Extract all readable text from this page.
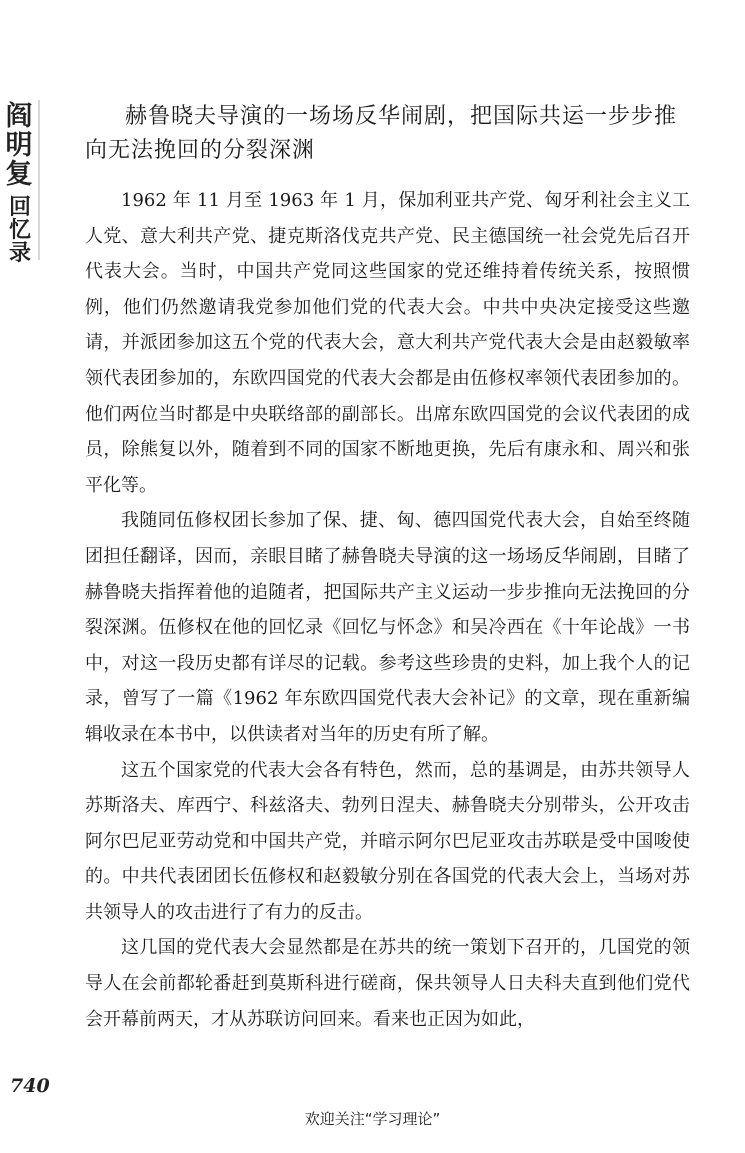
阎
明
复
回
忆
录
赫鲁晓夫导演的一场场反华闹剧，把国际共运一步步推
向无法挽回的分裂深渊

1962 年 11 月至 1963 年 1 月，保加利亚共产党、匈牙利社会主义工人党、意大利共产党、捷克斯洛伐克共产党、民主德国统一社会党先后召开代表大会。当时，中国共产党同这些国家的党还维持着传统关系，按照惯例，他们仍然邀请我党参加他们党的代表大会。中共中央决定接受这些邀请，并派团参加这五个党的代表大会，意大利共产党代表大会是由赵毅敏率领代表团参加的，东欧四国党的代表大会都是由伍修权率领代表团参加的。他们两位当时都是中央联络部的副部长。出席东欧四国党的会议代表团的成员，除熊复以外，随着到不同的国家不断地更换，先后有康永和、周兴和张平化等。

我随同伍修权团长参加了保、捷、匈、德四国党代表大会，自始至终随团担任翻译，因而，亲眼目睹了赫鲁晓夫导演的这一场场反华闹剧，目睹了赫鲁晓夫指挥着他的追随者，把国际共产主义运动一步步推向无法挽回的分裂深渊。伍修权在他的回忆录《回忆与怀念》和吴冷西在《十年论战》一书中，对这一段历史都有详尽的记载。参考这些珍贵的史料，加上我个人的记录，曾写了一篇《1962 年东欧四国党代表大会补记》的文章，现在重新编辑收录在本书中，以供读者对当年的历史有所了解。

这五个国家党的代表大会各有特色，然而，总的基调是，由苏共领导人苏斯洛夫、库西宁、科兹洛夫、勃列日涅夫、赫鲁晓夫分别带头，公开攻击阿尔巴尼亚劳动党和中国共产党，并暗示阿尔巴尼亚攻击苏联是受中国唆使的。中共代表团团长伍修权和赵毅敏分别在各国党的代表大会上，当场对苏共领导人的攻击进行了有力的反击。

这几国的党代表大会显然都是在苏共的统一策划下召开的，几国党的领导人在会前都轮番赶到莫斯科进行磋商，保共领导人日夫科夫直到他们党代会开幕前两天，才从苏联访问回来。看来也正因为如此，

740
欢迎关注“学习理论”
